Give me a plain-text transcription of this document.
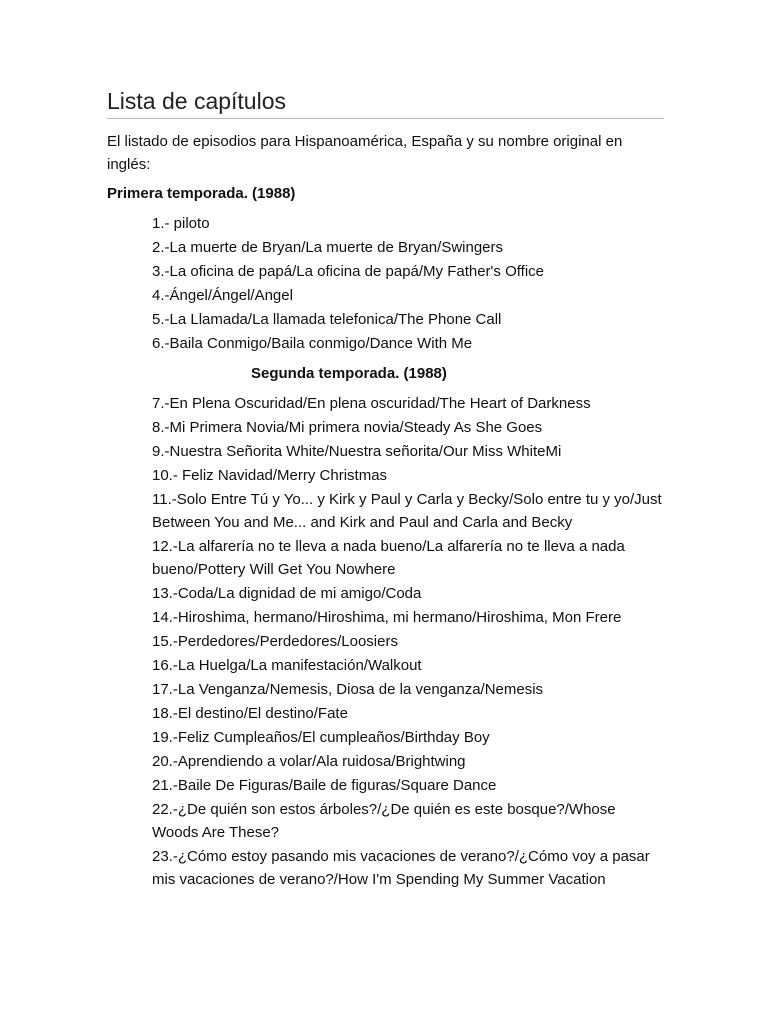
Lista de capítulos

El listado de episodios para Hispanoamérica, España y su nombre original en inglés:

Primera temporada. (1988)

1.- piloto
2.-La muerte de Bryan/La muerte de Bryan/Swingers
3.-La oficina de papá/La oficina de papá/My Father's Office
4.-Ángel/Ángel/Angel
5.-La Llamada/La llamada telefonica/The Phone Call
6.-Baila Conmigo/Baila conmigo/Dance With Me

Segunda temporada. (1988)

7.-En Plena Oscuridad/En plena oscuridad/The Heart of Darkness
8.-Mi Primera Novia/Mi primera novia/Steady As She Goes
9.-Nuestra Señorita White/Nuestra señorita/Our Miss WhiteMi
10.- Feliz Navidad/Merry Christmas
11.-Solo Entre Tú y Yo... y Kirk y Paul y Carla y Becky/Solo entre tu y yo/Just Between You and Me... and Kirk and Paul and Carla and Becky
12.-La alfarería no te lleva a nada bueno/La alfarería no te lleva a nada bueno/Pottery Will Get You Nowhere
13.-Coda/La dignidad de mi amigo/Coda
14.-Hiroshima, hermano/Hiroshima, mi hermano/Hiroshima, Mon Frere
15.-Perdedores/Perdedores/Loosiers
16.-La Huelga/La manifestación/Walkout
17.-La Venganza/Nemesis, Diosa de la venganza/Nemesis
18.-El destino/El destino/Fate
19.-Feliz Cumpleaños/El cumpleaños/Birthday Boy
20.-Aprendiendo a volar/Ala ruidosa/Brightwing
21.-Baile De Figuras/Baile de figuras/Square Dance
22.-¿De quién son estos árboles?/¿De quién es este bosque?/Whose Woods Are These?
23.-¿Cómo estoy pasando mis vacaciones de verano?/¿Cómo voy a pasar mis vacaciones de verano?/How I'm Spending My Summer Vacation
